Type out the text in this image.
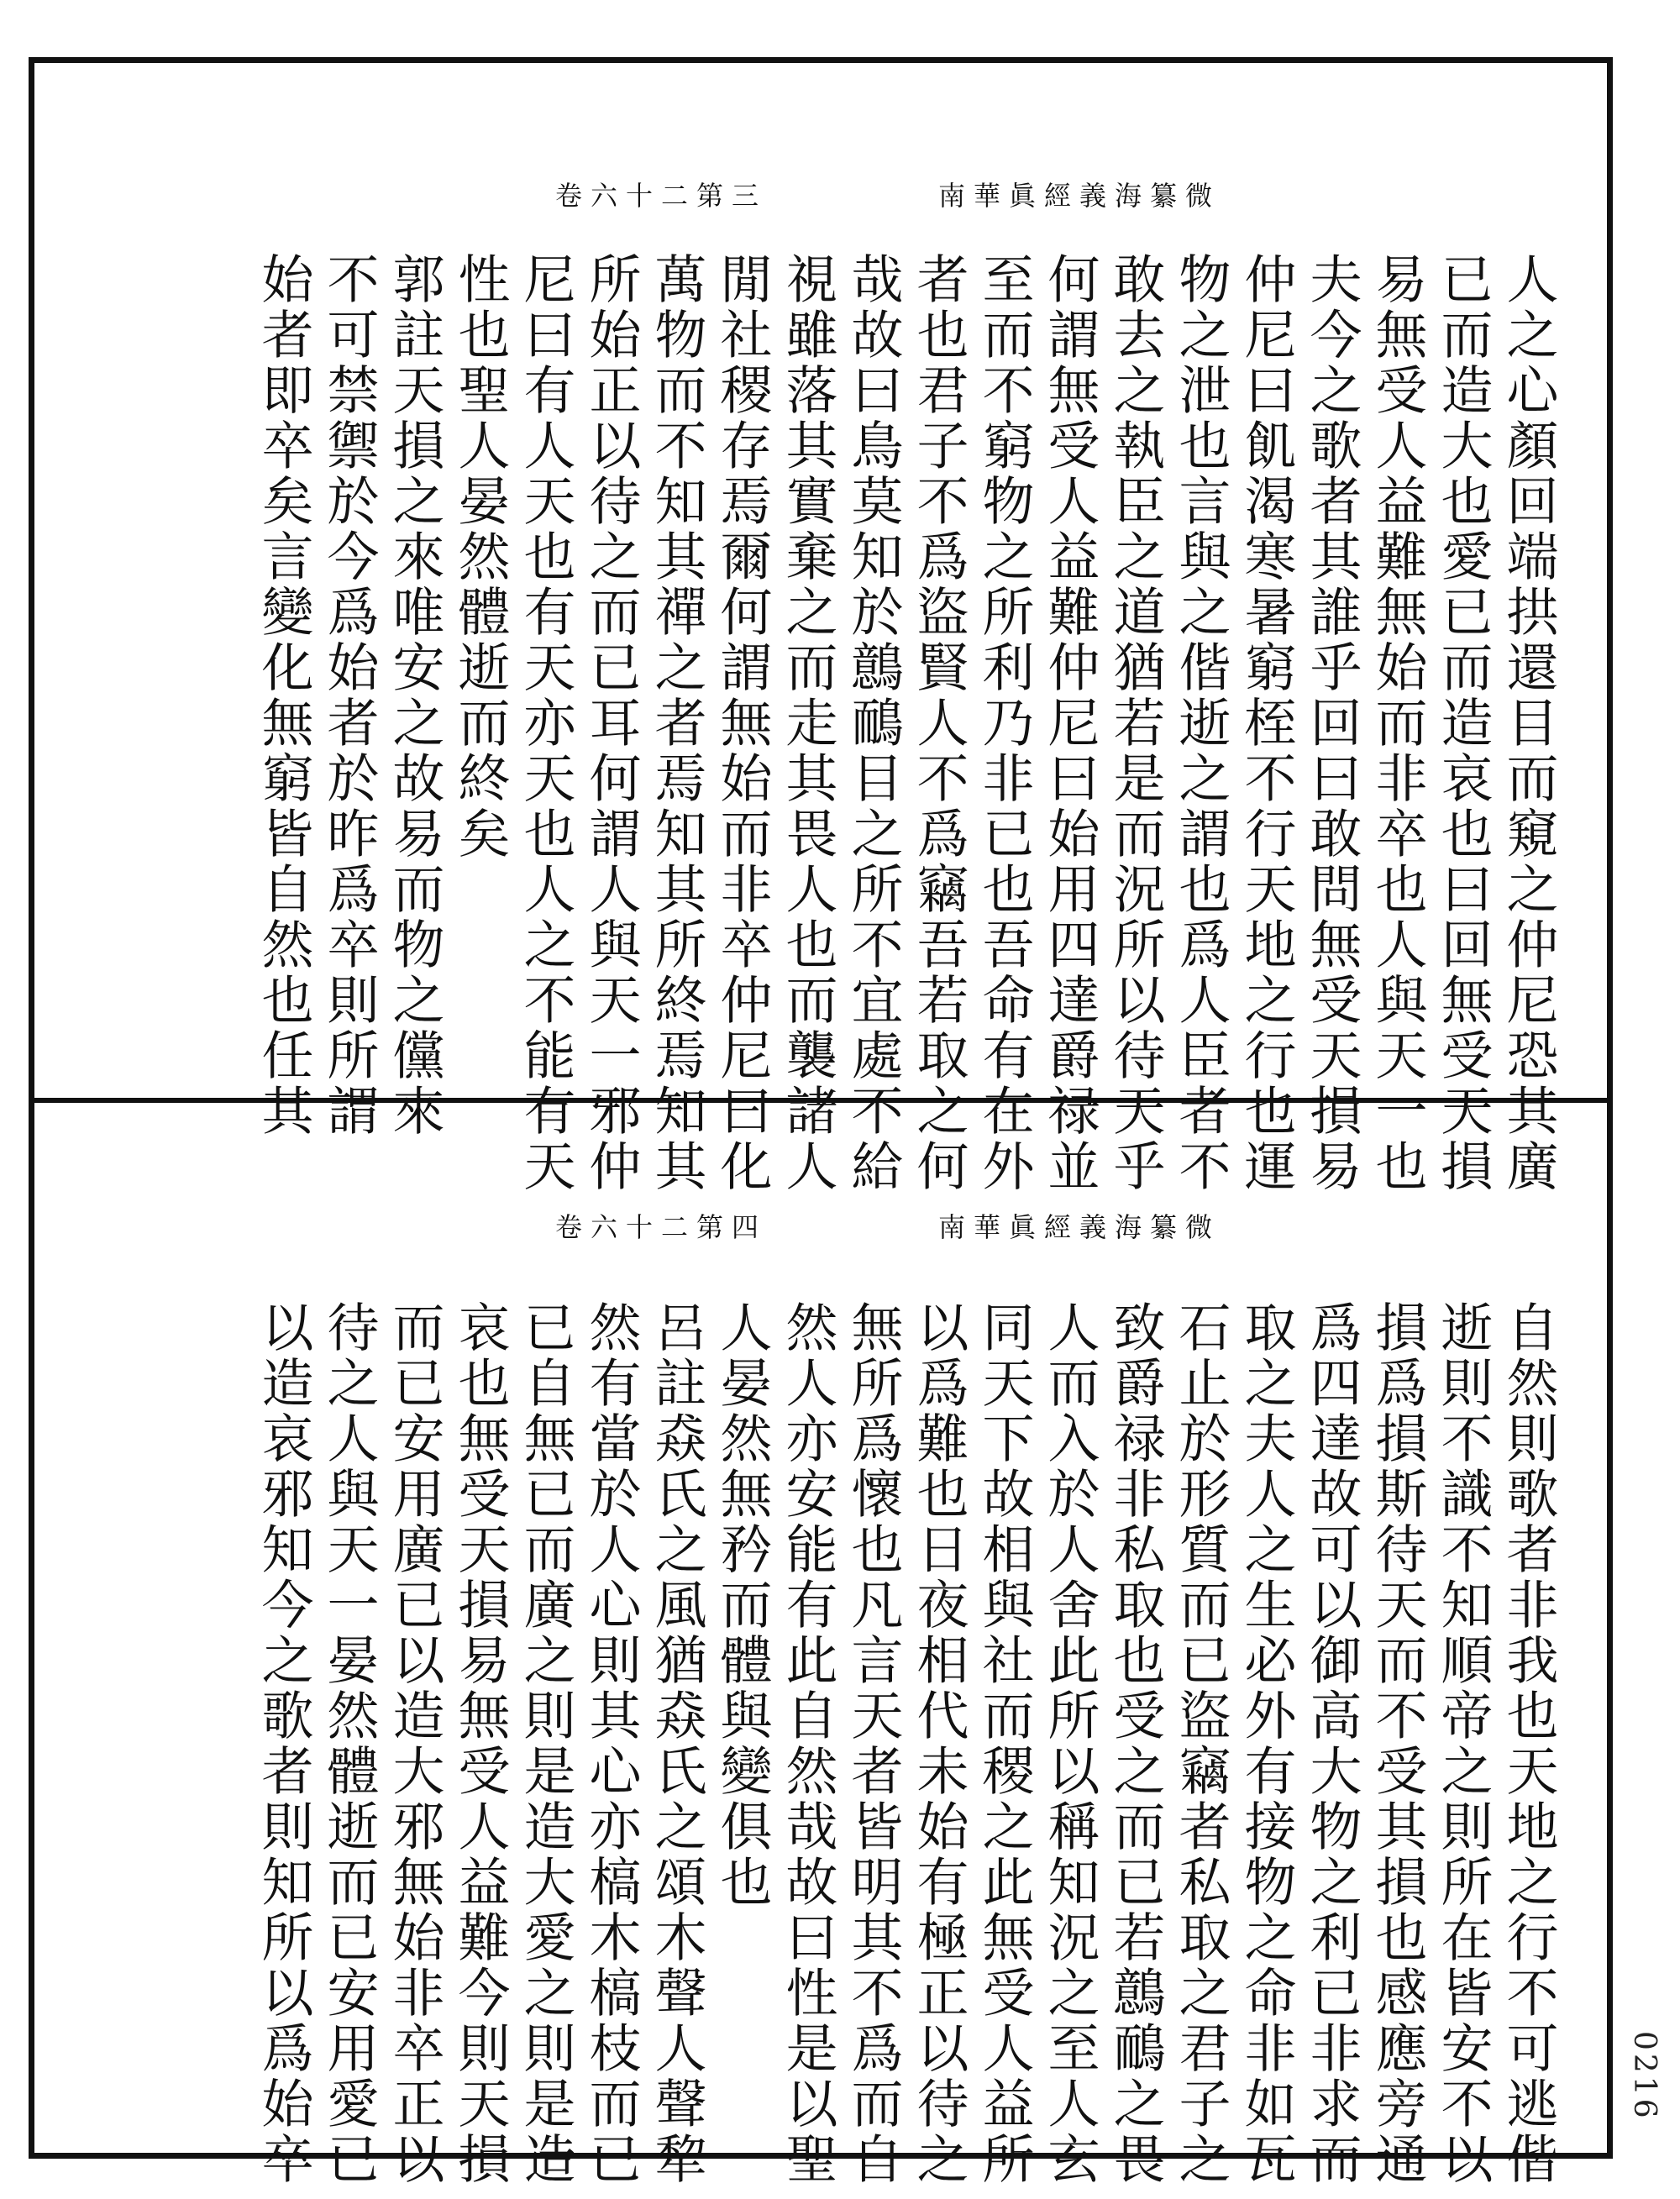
南華眞經義海纂微
卷六十二第三
人之心顏回端拱還目而窺之仲尼恐其廣
已而造大也愛已而造哀也曰回無受天損
易無受人益難無始而非卒也人與天一也
夫今之歌者其誰乎回曰敢問無受天損易
仲尼曰飢渴寒暑窮桎不行天地之行也運
物之泄也言與之偕逝之謂也爲人臣者不
敢去之執臣之道猶若是而況所以待天乎
何謂無受人益難仲尼曰始用四達爵禄並
至而不窮物之所利乃非已也吾命有在外
者也君子不爲盜賢人不爲竊吾若取之何
哉故曰鳥莫知於鷾鴯目之所不宜處不給
視雖落其實棄之而走其畏人也而襲諸人
閒社稷存焉爾何謂無始而非卒仲尼曰化
萬物而不知其禪之者焉知其所終焉知其
所始正以待之而已耳何謂人與天一邪仲
尼曰有人天也有天亦天也人之不能有天
性也聖人晏然體逝而終矣
郭註天損之來唯安之故易而物之儻來
不可禁禦於今爲始者於昨爲卒則所謂
始者即卒矣言變化無窮皆自然也任其
南華眞經義海纂微
卷六十二第四
自然則歌者非我也天地之行不可逃偕
逝則不識不知順帝之則所在皆安不以
損爲損斯待天而不受其損也感應旁通
爲四達故可以御高大物之利已非求而
取之夫人之生必外有接物之命非如瓦
石止於形質而已盜竊者私取之君子之
致爵禄非私取也受之而已若鷾鴯之畏
人而入於人舍此所以稱知況之至人玄
同天下故相與社而稷之此無受人益所
以爲難也日夜相代未始有極正以待之
無所爲懷也凡言天者皆明其不爲而自
然人亦安能有此自然哉故曰性是以聖
人晏然無矜而體與變俱也
呂註猋氏之風猶猋氏之頌木聲人聲犂
然有當於人心則其心亦槁木槁枝而已
已自無已而廣之則是造大愛之則是造
哀也無受天損易無受人益難今則天損
而已安用廣已以造大邪無始非卒正以
待之人與天一晏然體逝而已安用愛已
以造哀邪知今之歌者則知所以爲始卒	0216
